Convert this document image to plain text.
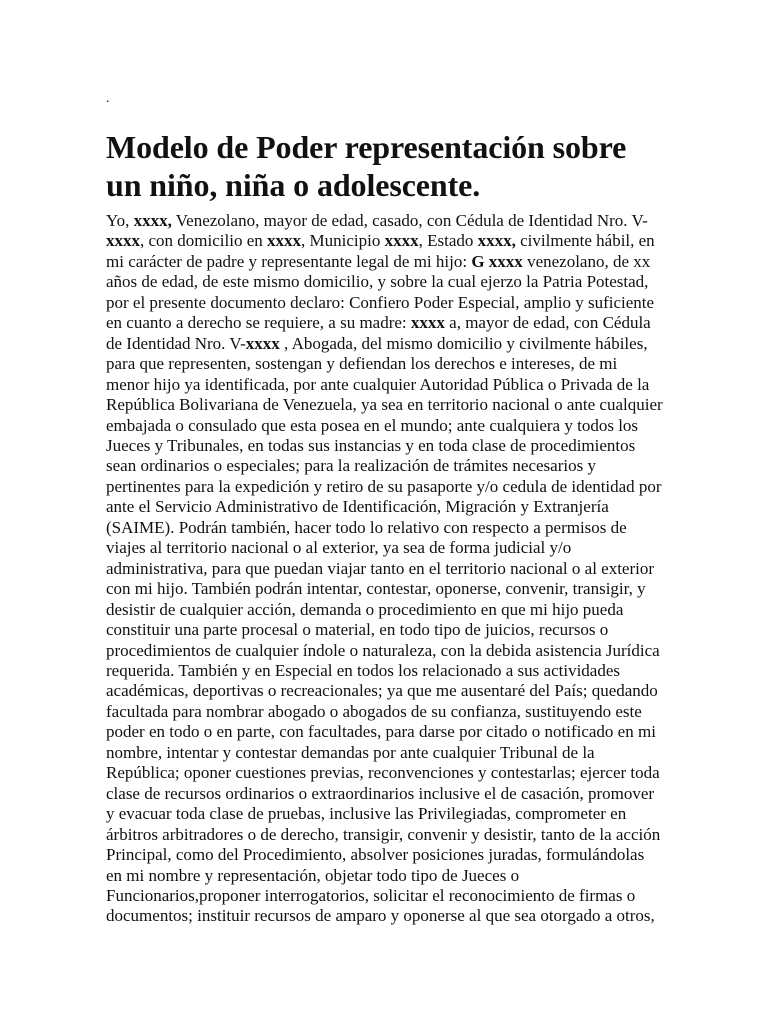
.
Modelo de Poder representación sobre un niño, niña o adolescente.

Yo, xxxx, Venezolano, mayor de edad, casado, con Cédula de Identidad Nro. V-xxxx, con domicilio en xxxx, Municipio xxxx, Estado xxxx, civilmente hábil, en mi carácter de padre y representante legal de mi hijo: G xxxx venezolano, de xx años de edad, de este mismo domicilio, y sobre la cual ejerzo la Patria Potestad, por el presente documento declaro: Confiero Poder Especial, amplio y suficiente en cuanto a derecho se requiere, a su madre: xxxx a, mayor de edad, con Cédula de Identidad Nro. V-xxxx , Abogada, del mismo domicilio y civilmente hábiles, para que representen, sostengan y defiendan los derechos e intereses, de mi menor hijo ya identificada, por ante cualquier Autoridad Pública o Privada de la República Bolivariana de Venezuela, ya sea en territorio nacional o ante cualquier embajada o consulado que esta posea en el mundo; ante cualquiera y todos los Jueces y Tribunales, en todas sus instancias y en toda clase de procedimientos sean ordinarios o especiales; para la realización de trámites necesarios y pertinentes para la expedición y retiro de su pasaporte y/o cedula de identidad por ante el Servicio Administrativo de Identificación, Migración y Extranjería (SAIME). Podrán también, hacer todo lo relativo con respecto a permisos de viajes al territorio nacional o al exterior, ya sea de forma judicial y/o administrativa, para que puedan viajar tanto en el territorio nacional o al exterior con mi hijo. También podrán intentar, contestar, oponerse, convenir, transigir, y desistir de cualquier acción, demanda o procedimiento en que mi hijo pueda constituir una parte procesal o material, en todo tipo de juicios, recursos o procedimientos de cualquier índole o naturaleza, con la debida asistencia Jurídica requerida. También y en Especial en todos los relacionado a sus actividades académicas, deportivas o recreacionales; ya que me ausentaré del País; quedando facultada para nombrar abogado o abogados de su confianza, sustituyendo este poder en todo o en parte, con facultades, para darse por citado o notificado en mi nombre, intentar y contestar demandas por ante cualquier Tribunal de la República; oponer cuestiones previas, reconvenciones y contestarlas; ejercer toda clase de recursos ordinarios o extraordinarios inclusive el de casación, promover y evacuar toda clase de pruebas, inclusive las Privilegiadas, comprometer en árbitros arbitradores o de derecho, transigir, convenir y desistir, tanto de la acción Principal, como del Procedimiento, absolver posiciones juradas, formulándolas en mi nombre y representación, objetar todo tipo de Jueces o Funcionarios,proponer interrogatorios, solicitar el reconocimiento de firmas o documentos; instituir recursos de amparo y oponerse al que sea otorgado a otros,
